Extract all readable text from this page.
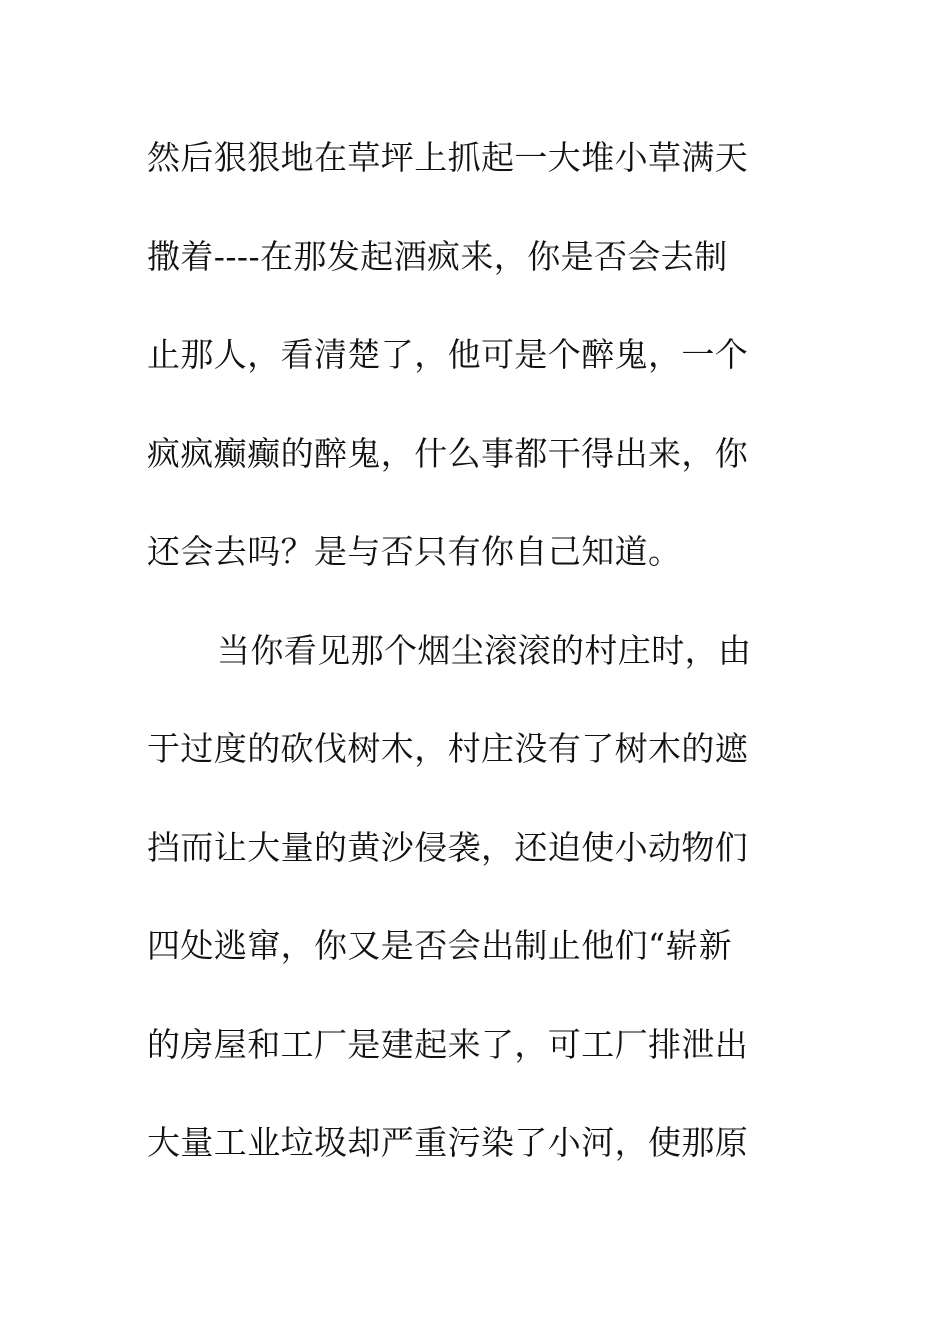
然后狠狠地在草坪上抓起一大堆小草满天
撒着----在那发起酒疯来，你是否会去制
止那人，看清楚了，他可是个醉鬼，一个
疯疯癫癫的醉鬼，什么事都干得出来，你
还会去吗？是与否只有你自己知道。
当你看见那个烟尘滚滚的村庄时，由
于过度的砍伐树木，村庄没有了树木的遮
挡而让大量的黄沙侵袭，还迫使小动物们
四处逃窜，你又是否会出制止他们“崭新
的房屋和工厂是建起来了，可工厂排泄出
大量工业垃圾却严重污染了小河，使那原
